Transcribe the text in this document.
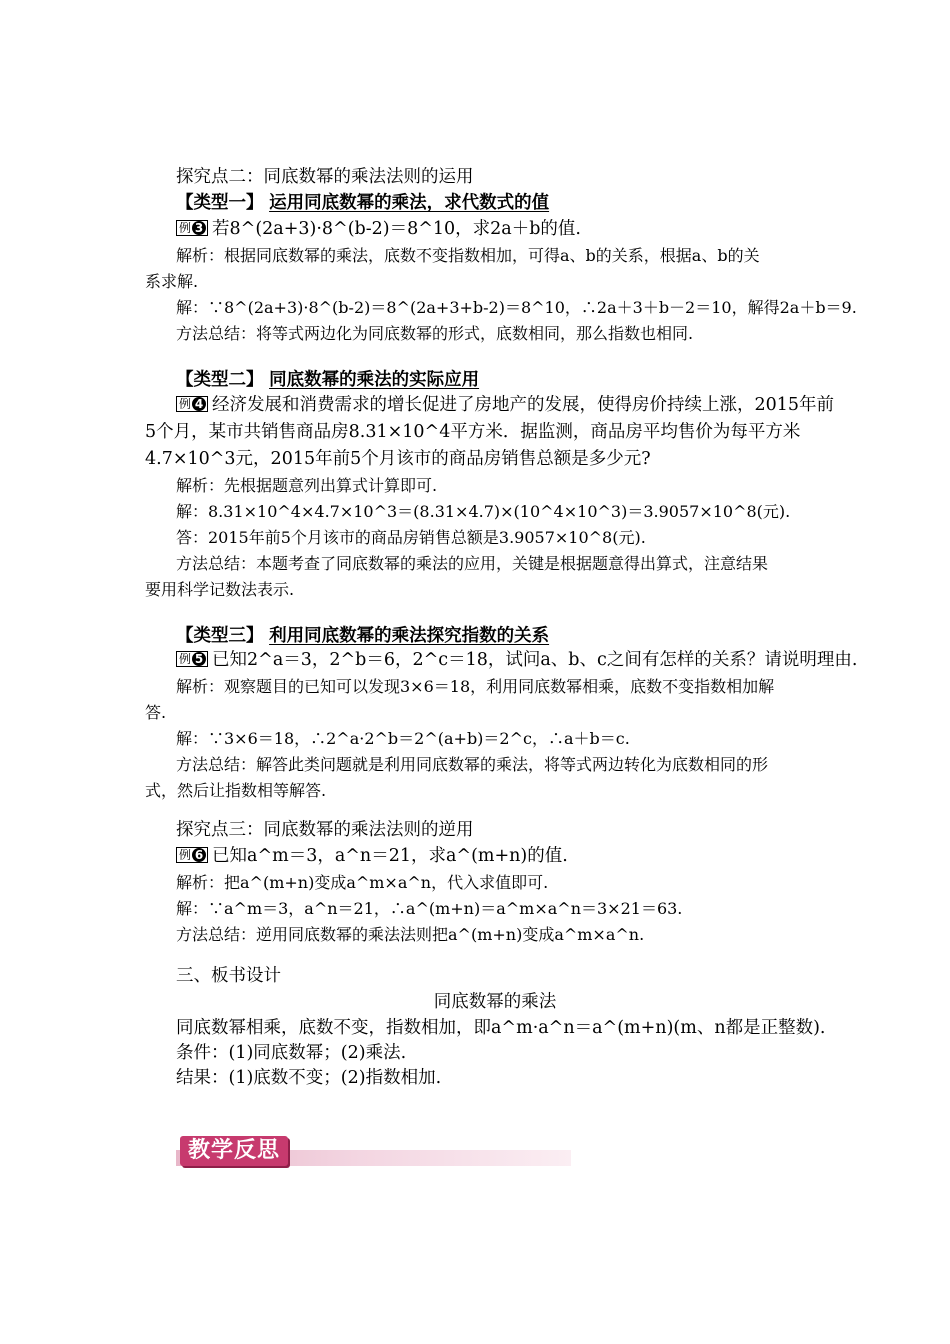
探究点二：同底数幂的乘法法则的运用
【类型一】 运用同底数幂的乘法，求代数式的值
例 3 若8^(2a+3)·8^(b-2)＝8^10，求2a＋b的值.
解析：根据同底数幂的乘法，底数不变指数相加，可得a、b的关系，根据a、b的关
系求解.
解：∵8^(2a+3)·8^(b-2)＝8^(2a+3+b-2)＝8^10，∴2a＋3＋b－2＝10，解得2a＋b＝9.
方法总结：将等式两边化为同底数幂的形式，底数相同，那么指数也相同.
【类型二】 同底数幂的乘法的实际应用
例 4 经济发展和消费需求的增长促进了房地产的发展，使得房价持续上涨，2015年前
5个月，某市共销售商品房8.31×10^4平方米．据监测，商品房平均售价为每平方米
4.7×10^3元，2015年前5个月该市的商品房销售总额是多少元?
解析：先根据题意列出算式计算即可.
解：8.31×10^4×4.7×10^3＝(8.31×4.7)×(10^4×10^3)＝3.9057×10^8(元).
答：2015年前5个月该市的商品房销售总额是3.9057×10^8(元).
方法总结：本题考查了同底数幂的乘法的应用，关键是根据题意得出算式，注意结果
要用科学记数法表示.
【类型三】 利用同底数幂的乘法探究指数的关系
例 5 已知2^a＝3，2^b＝6，2^c＝18，试问a、b、c之间有怎样的关系？请说明理由.
解析：观察题目的已知可以发现3×6＝18，利用同底数幂相乘，底数不变指数相加解
答.
解：∵3×6＝18，∴2^a·2^b＝2^(a+b)＝2^c，∴a＋b＝c.
方法总结：解答此类问题就是利用同底数幂的乘法，将等式两边转化为底数相同的形
式，然后让指数相等解答.
探究点三：同底数幂的乘法法则的逆用
例 6 已知a^m＝3，a^n＝21，求a^(m+n)的值.
解析：把a^(m+n)变成a^m×a^n，代入求值即可.
解：∵a^m＝3，a^n＝21，∴a^(m+n)＝a^m×a^n＝3×21＝63.
方法总结：逆用同底数幂的乘法法则把a^(m+n)变成a^m×a^n.
三、板书设计
同底数幂的乘法
同底数幂相乘，底数不变，指数相加，即a^m·a^n＝a^(m+n)(m、n都是正整数).
条件：(1)同底数幂；(2)乘法.
结果：(1)底数不变；(2)指数相加.
教学反思
